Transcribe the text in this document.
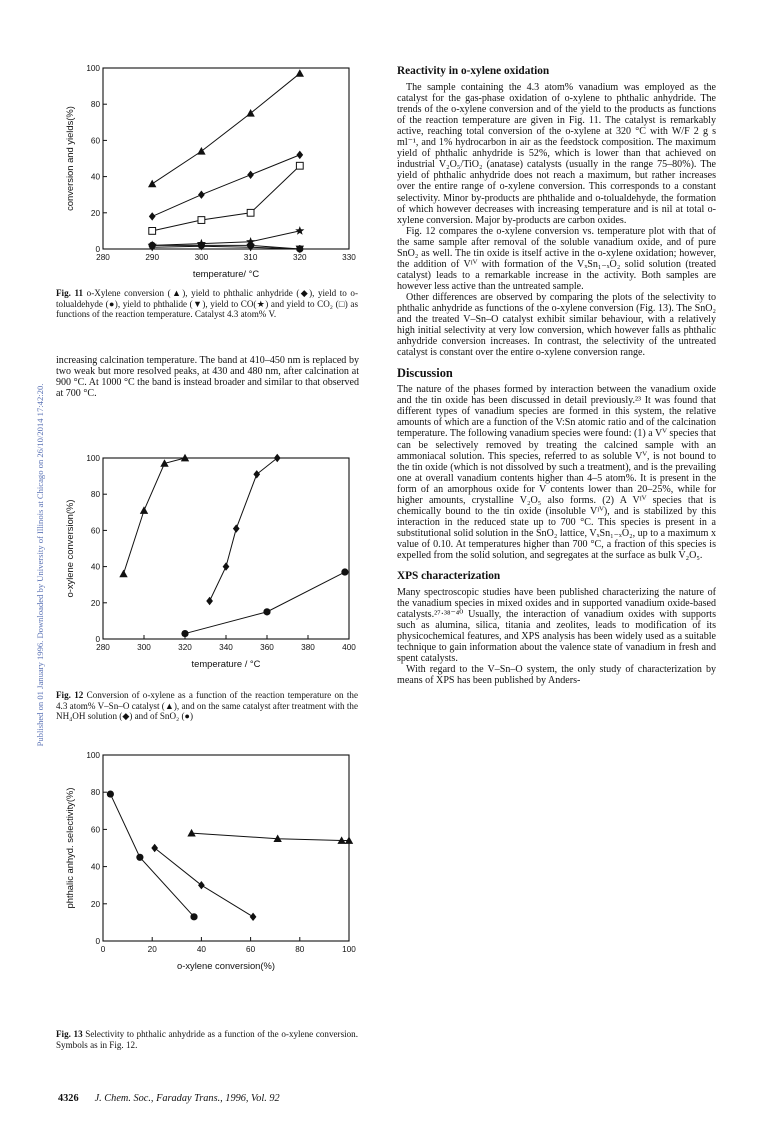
Published on 01 January 1996. Downloaded by University of Illinois at Chicago on 26/10/2014 17:42:20.
280	290	300	310	320	330
0
20
40
60
80
100
temperature/ °C
conversion and yields(%)
Fig. 11 o-Xylene conversion (▲), yield to phthalic anhydride (◆), yield to o-tolualdehyde (●), yield to phthalide (▼), yield to CO(★) and yield to CO₂ (□) as functions of the reaction temperature. Catalyst 4.3 atom% V.

increasing calcination temperature. The band at 410–450 nm is replaced by two weak but more resolved peaks, at 430 and 480 nm, after calcination at 900 °C. At 1000 °C the band is instead broader and similar to that observed at 700 °C.

280	300	320	340	360	380	400
0
20
40
60
80
100
temperature / °C
o-xylene conversion(%)
Fig. 12 Conversion of o-xylene as a function of the reaction temperature on the 4.3 atom% V–Sn–O catalyst (▲), and on the same catalyst after treatment with the NH₄OH solution (◆) and of SnO₂ (●)
0	20	40	60	80	100
0
20
40
60
80
100
o-xylene conversion(%)
phthalic anhyd. selectivity(%)
Fig. 13 Selectivity to phthalic anhydride as a function of the o-xylene conversion. Symbols as in Fig. 12.
Reactivity in o-xylene oxidation

The sample containing the 4.3 atom% vanadium was employed as the catalyst for the gas-phase oxidation of o-xylene to phthalic anhydride. The trends of the o-xylene conversion and of the yield to the products as functions of the reaction temperature are given in Fig. 11. The catalyst is remarkably active, reaching total conversion of the o-xylene at 320 °C with W/F 2 g s ml⁻¹, and 1% hydrocarbon in air as the feedstock composition. The maximum yield of phthalic anhydride is 52%, which is lower than that achieved on industrial V₂O₅/TiO₂ (anatase) catalysts (usually in the range 75–80%). The yield of phthalic anhydride does not reach a maximum, but rather increases over the entire range of o-xylene conversion. This corresponds to a constant selectivity. Minor by-products are phthalide and o-tolualdehyde, the formation of which however decreases with increasing temperature and is nil at total o-xylene conversion. Major by-products are carbon oxides.

Fig. 12 compares the o-xylene conversion vs. temperature plot with that of the same sample after removal of the soluble vanadium oxide, and of pure SnO₂ as well. The tin oxide is itself active in the o-xylene oxidation; however, the addition of Vᴵⱽ with formation of the VₓSn₁₋ₓO₂ solid solution (treated catalyst) leads to a remarkable increase in the activity. Both samples are however less active than the untreated sample.

Other differences are observed by comparing the plots of the selectivity to phthalic anhydride as functions of the o-xylene conversion (Fig. 13). The SnO₂ and the treated V–Sn–O catalyst exhibit similar behaviour, with a relatively high initial selectivity at very low conversion, which however falls as phthalic anhydride conversion increases. In contrast, the selectivity of the untreated catalyst is constant over the entire o-xylene conversion range.

Discussion

The nature of the phases formed by interaction between the vanadium oxide and the tin oxide has been discussed in detail previously.²³ It was found that different types of vanadium species are formed in this system, the relative amounts of which are a function of the V:Sn atomic ratio and of the calcination temperature. The following vanadium species were found: (1) a Vⱽ species that can be selectively removed by treating the calcined sample with an ammoniacal solution. This species, referred to as soluble Vⱽ, is not bound to the tin oxide (which is not dissolved by such a treatment), and is the prevailing one at overall vanadium contents higher than 4–5 atom%. It is present in the form of an amorphous oxide for V contents lower than 20–25%, while for higher amounts, crystalline V₂O₅ also forms. (2) A Vᴵⱽ species that is chemically bound to the tin oxide (insoluble Vᴵⱽ), and is stabilized by this interaction in the reduced state up to 700 °C. This species is present in a substitutional solid solution in the SnO₂ lattice, VₓSn₁₋ₓO₂, up to a maximum x value of 0.10. At temperatures higher than 700 °C, a fraction of this species is expelled from the solid solution, and segregates at the surface as bulk V₂O₅.

XPS characterization

Many spectroscopic studies have been published characterizing the nature of the vanadium species in mixed oxides and in supported vanadium oxide-based catalysts.²⁷·³⁸⁻⁴⁰ Usually, the interaction of vanadium oxides with supports such as alumina, silica, titania and zeolites, leads to modification of its physicochemical features, and XPS analysis has been widely used as a suitable technique to gain information about the valence state of vanadium in fresh and spent catalysts.

With regard to the V–Sn–O system, the only study of characterization by means of XPS has been published by Anders-

4326 J. Chem. Soc., Faraday Trans., 1996, Vol. 92
